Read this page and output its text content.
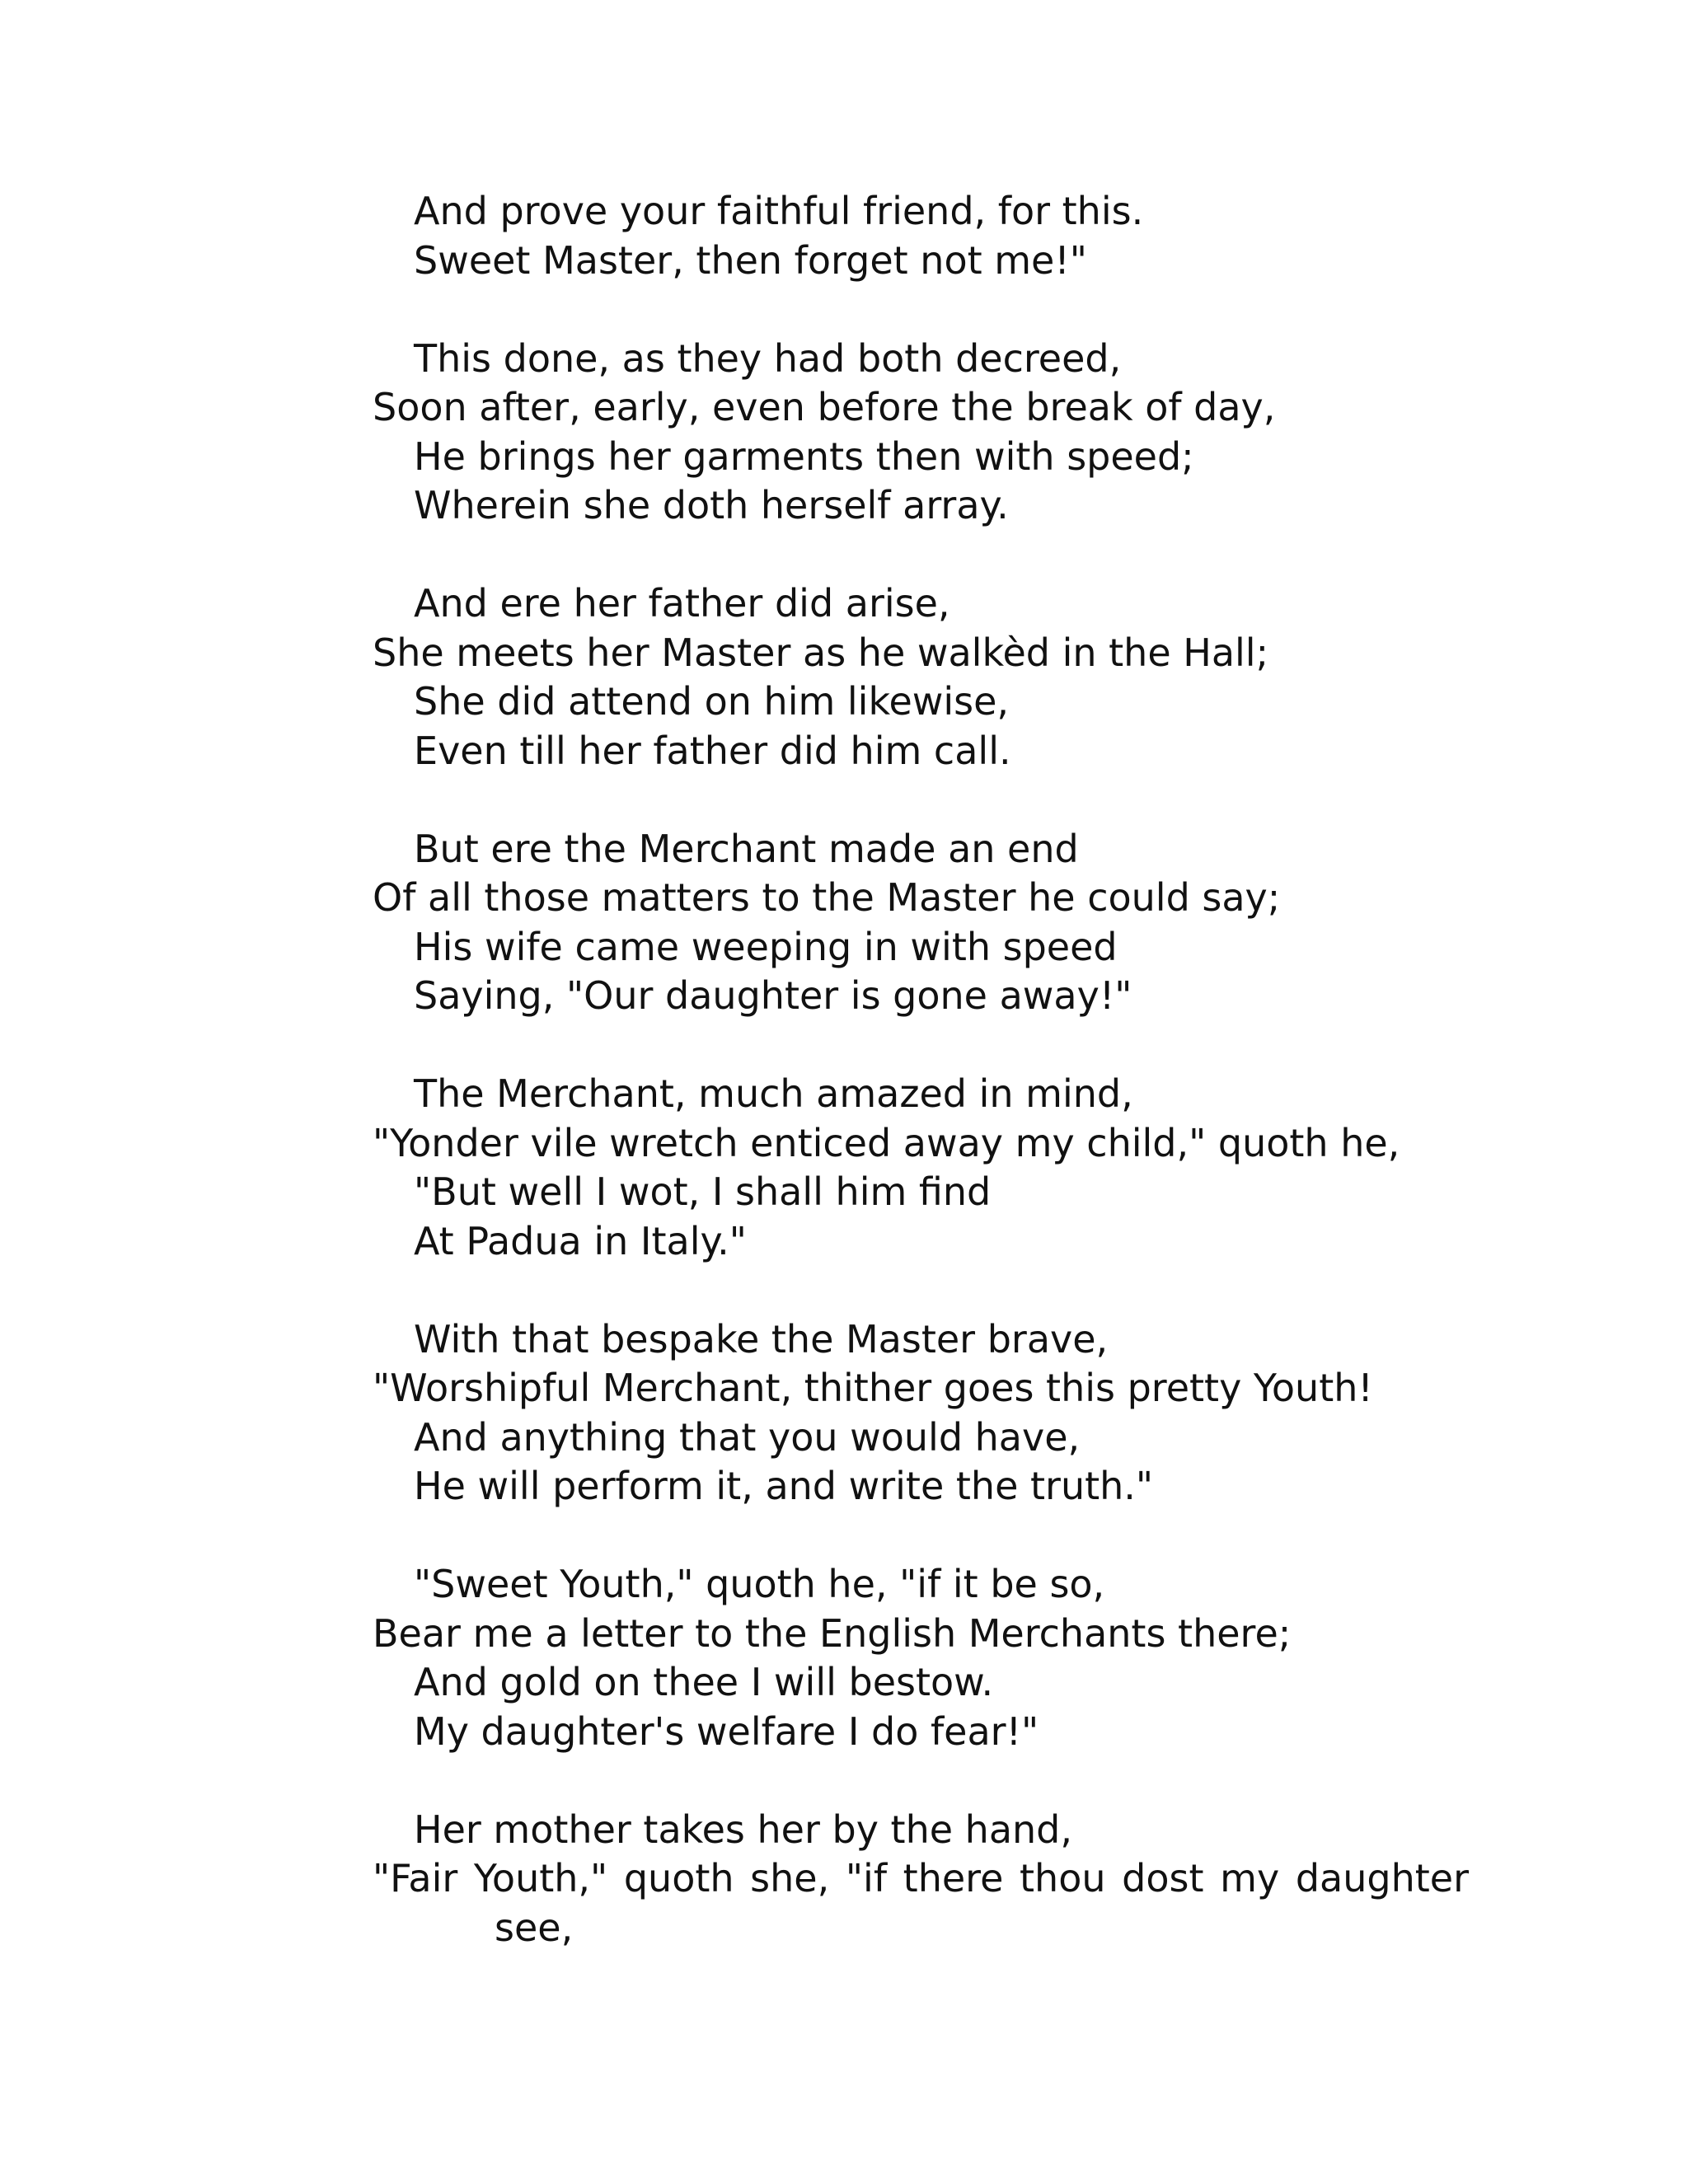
And prove your faithful friend, for this.
Sweet Master, then forget not me!"
This done, as they had both decreed,
Soon after, early, even before the break of day,
He brings her garments then with speed;
Wherein she doth herself array.
And ere her father did arise,
She meets her Master as he walkèd in the Hall;
She did attend on him likewise,
Even till her father did him call.
But ere the Merchant made an end
Of all those matters to the Master he could say;
His wife came weeping in with speed
Saying, "Our daughter is gone away!"
The Merchant, much amazed in mind,
"Yonder vile wretch enticed away my child," quoth he,
"But well I wot, I shall him find
At Padua in Italy."
With that bespake the Master brave,
"Worshipful Merchant, thither goes this pretty Youth!
And anything that you would have,
He will perform it, and write the truth."
"Sweet Youth," quoth he, "if it be so,
Bear me a letter to the English Merchants there;
And gold on thee I will bestow.
My daughter's welfare I do fear!"
Her mother takes her by the hand,
"Fair Youth," quoth she, "if there thou dost my daughter
see,
